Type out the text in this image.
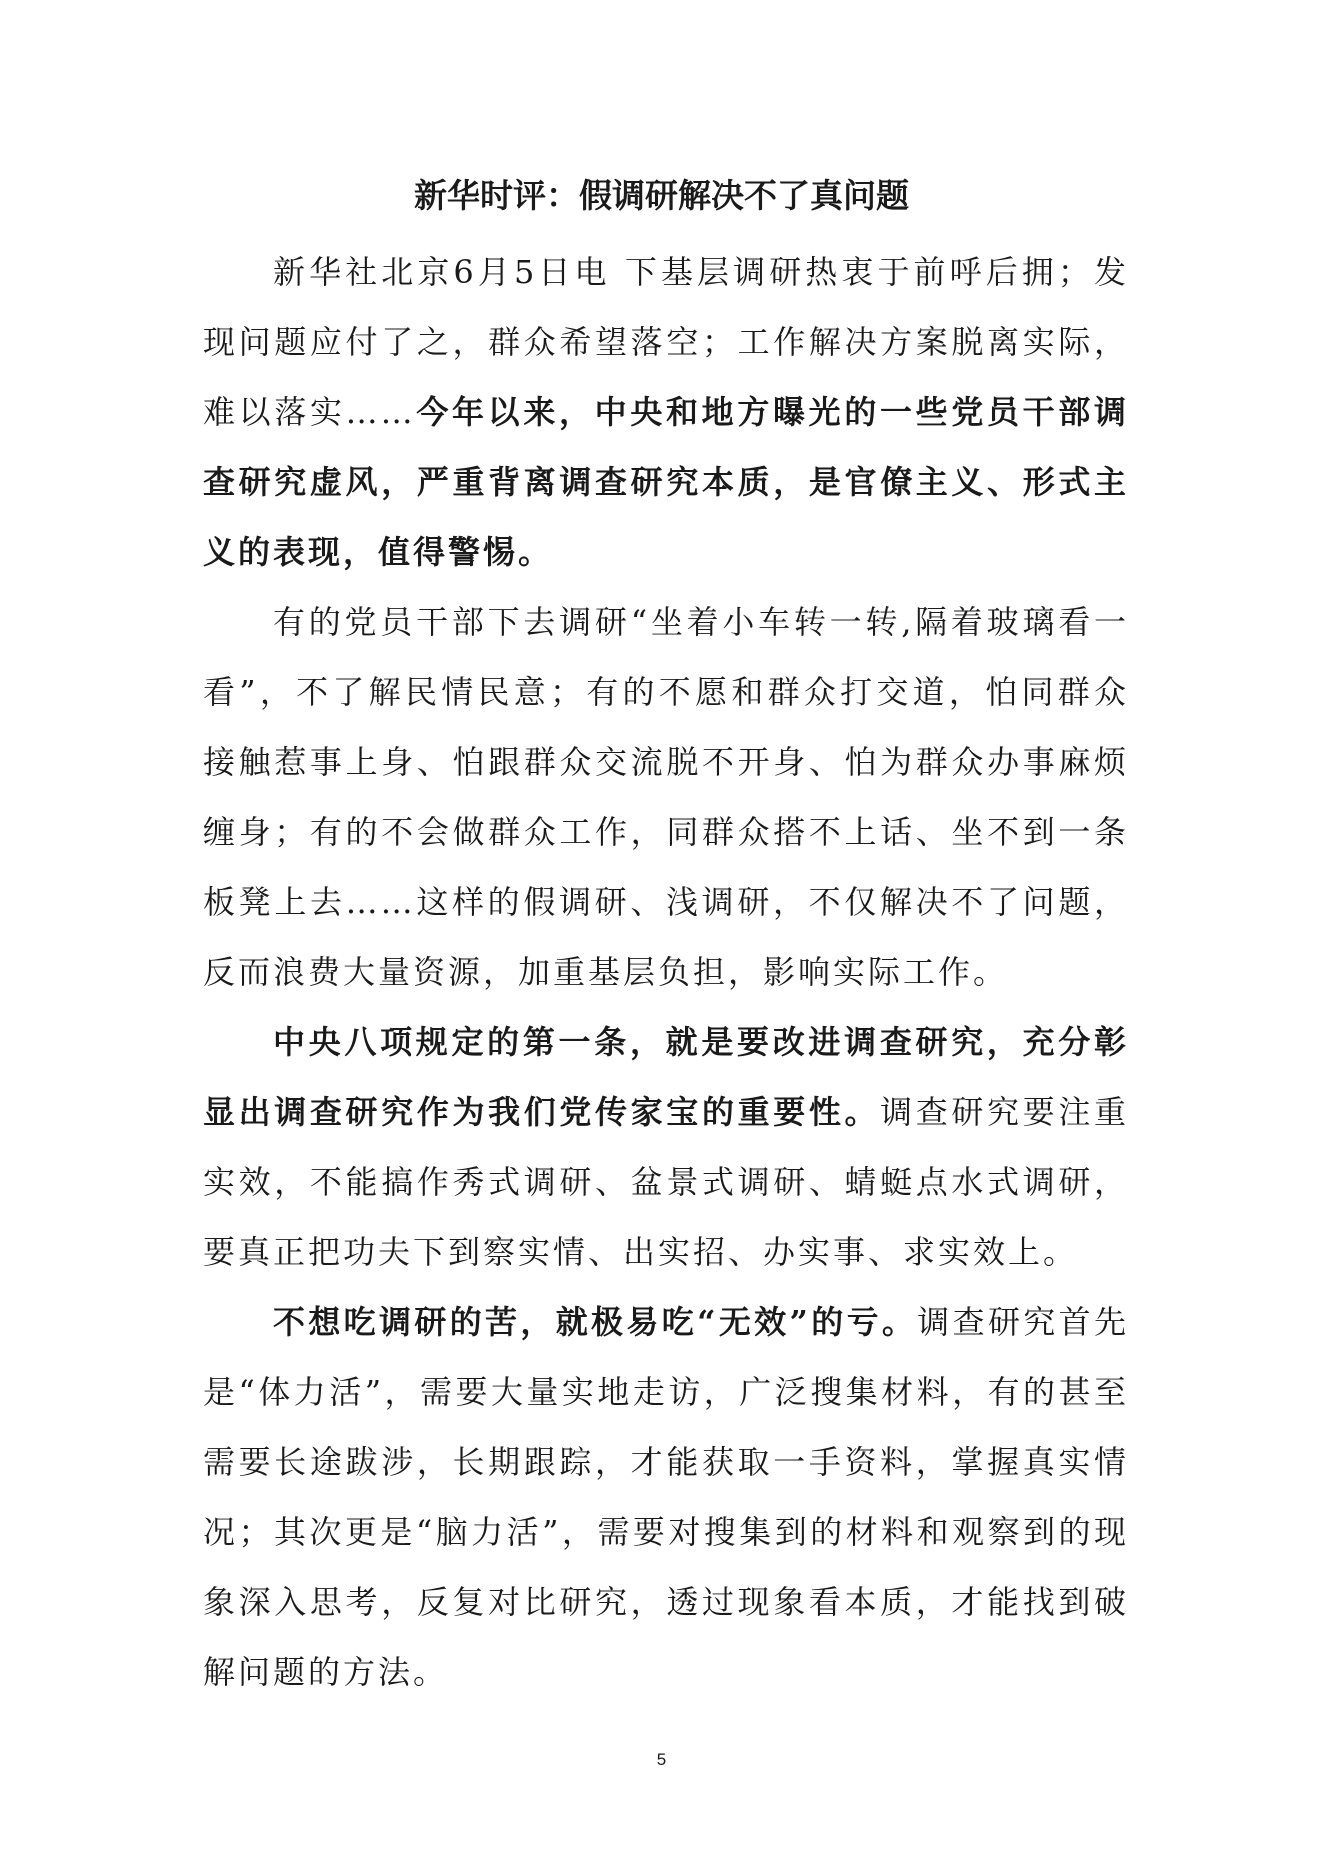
新华时评：假调研解决不了真问题

新华社北京6月5日电 下基层调研热衷于前呼后拥；发现问题应付了之，群众希望落空；工作解决方案脱离实际，难以落实……今年以来，中央和地方曝光的一些党员干部调查研究虚风，严重背离调查研究本质，是官僚主义、形式主义的表现，值得警惕。

有的党员干部下去调研“坐着小车转一转,隔着玻璃看一看”，不了解民情民意；有的不愿和群众打交道，怕同群众接触惹事上身、怕跟群众交流脱不开身、怕为群众办事麻烦缠身；有的不会做群众工作，同群众搭不上话、坐不到一条板凳上去……这样的假调研、浅调研，不仅解决不了问题，反而浪费大量资源，加重基层负担，影响实际工作。

中央八项规定的第一条，就是要改进调查研究，充分彰显出调查研究作为我们党传家宝的重要性。调查研究要注重实效，不能搞作秀式调研、盆景式调研、蜻蜓点水式调研，要真正把功夫下到察实情、出实招、办实事、求实效上。

不想吃调研的苦，就极易吃“无效”的亏。调查研究首先是“体力活”，需要大量实地走访，广泛搜集材料，有的甚至需要长途跋涉，长期跟踪，才能获取一手资料，掌握真实情况；其次更是“脑力活”，需要对搜集到的材料和观察到的现象深入思考，反复对比研究，透过现象看本质，才能找到破解问题的方法。

5
